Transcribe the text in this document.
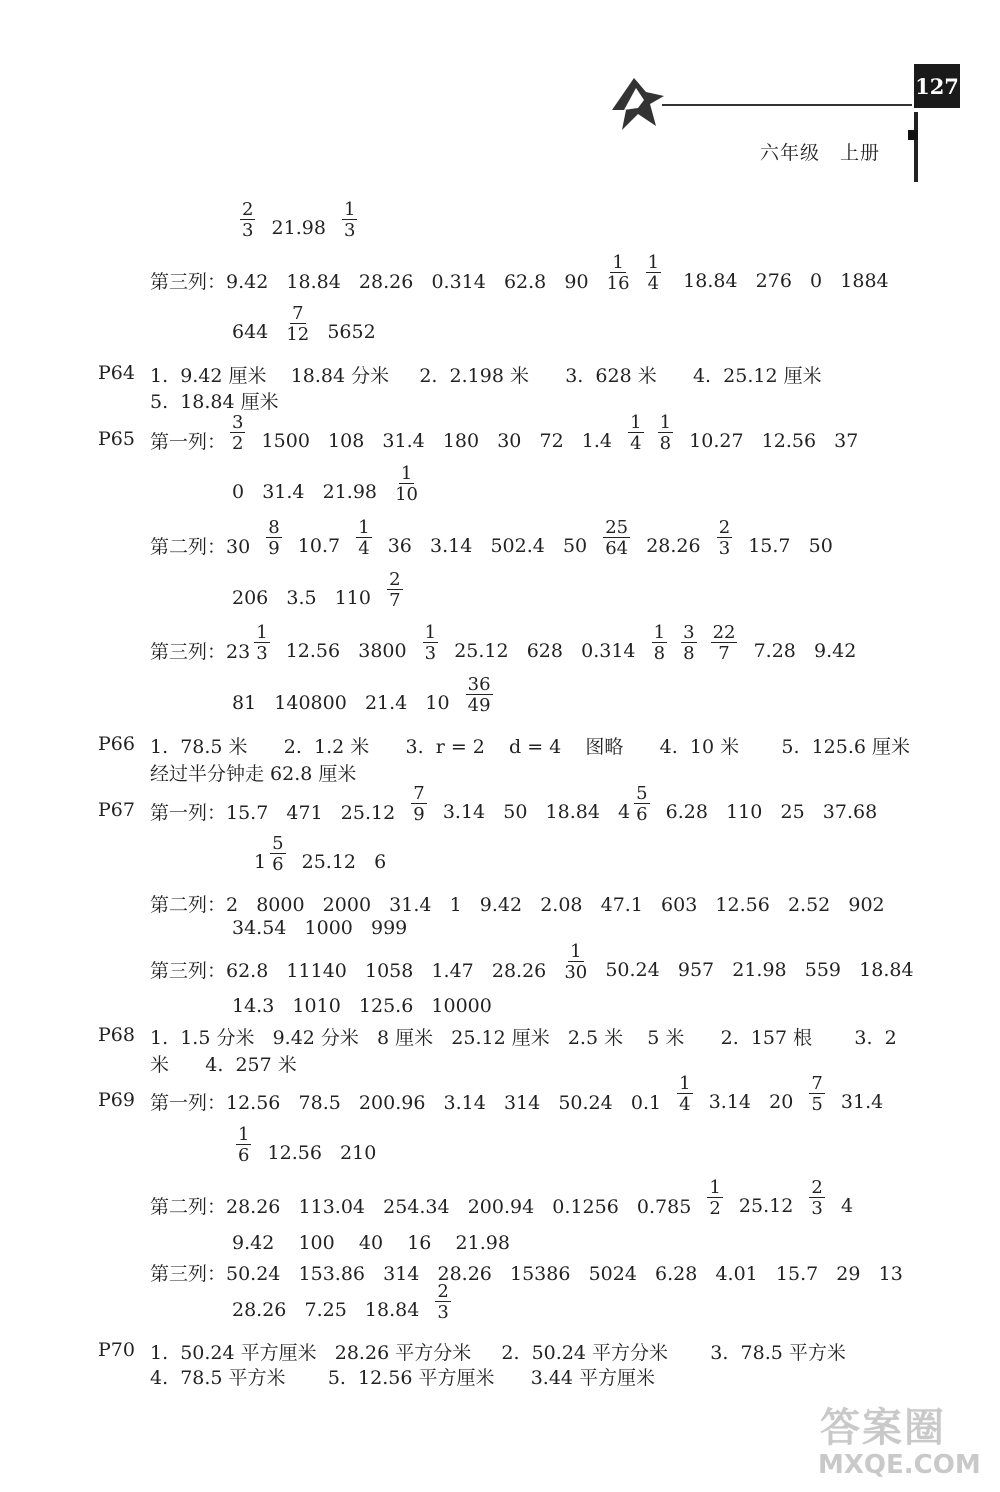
127
六年级　上册
P64
P65
P66
P67
P68
P69
P70
$\frac{2}{3} 21.98 \frac{1}{3}$
第三列：9.42   18.84   28.26   0.314   62.8   $90 \frac{1}{16}$
$\frac{1}{4} 18.84$   276   0   1884
$644 \frac{7}{12} 5652$
1.  9.42 厘米    18.84 分米     2.  2.198 米      3.  628 米      4.  25.12 厘米
5.  18.84 厘米
第一列： $\frac{3}{2} 1500$   108   31.4   180   30   72   $1.4 \frac{1}{4}$
$\frac{1}{8} 10.27$   12.56   37
0   31.4   $21.98 \frac{1}{10}$
第二列：$30 \frac{8}{9} 10.7 \frac{1}{4} 36$   3.14   502.4   $50 \frac{25}{64} 28.26 \frac{2}{3} 15.7$   50
206   3.5   $110 \frac{2}{7}$
第三列：$23 \frac{1}{3} 12.56$   $3800 \frac{1}{3} 25.12$   628   $0.314 \frac{1}{8}$
$\frac{3}{8}$
$\frac{22}{7} 7.28$   9.42
81   140800   21.4   $10 \frac{36}{49}$
1.  78.5 米      2.  1.2 米      3.  r = 2    d = 4    图略      4.  10 米       5.  125.6 厘米
经过半分钟走 62.8 厘米
第一列：15.7   471   $25.12 \frac{7}{9} 3.14$   50   18.84   $4 \frac{5}{6} 6.28$   110   25   37.68
$1 \frac{5}{6} 25.12$   6
第二列：2   8000   2000   31.4   1   9.42   2.08   47.1   603   12.56   2.52   902
34.54   1000   999
第三列：62.8   11140   1058   1.47   $28.26 \frac{1}{30} 50.24$   957   21.98   559   18.84
14.3   1010   125.6   10000
1.  1.5 分米   9.42 分米   8 厘米   25.12 厘米   2.5 米    5 米      2.  157 根       3.  2
米      4.  257 米
第一列：12.56   78.5   200.96   3.14   314   50.24   $0.1 \frac{1}{4} 3.14$   $20 \frac{7}{5} 31.4$
$\frac{1}{6} 12.56$   210
第二列：28.26   113.04   254.34   200.94   0.1256   $0.785 \frac{1}{2} 25.12 \frac{2}{3} 4$
9.42    100    40    16    21.98
第三列：50.24   153.86   314   28.26   15386   5024   6.28   4.01   15.7   29   13
28.26   7.25   $18.84 \frac{2}{3}$
1.  50.24 平方厘米   28.26 平方分米     2.  50.24 平方分米       3.  78.5 平方米
4.  78.5 平方米       5.  12.56 平方厘米      3.44 平方厘米
答案圈
MXQE.COM
